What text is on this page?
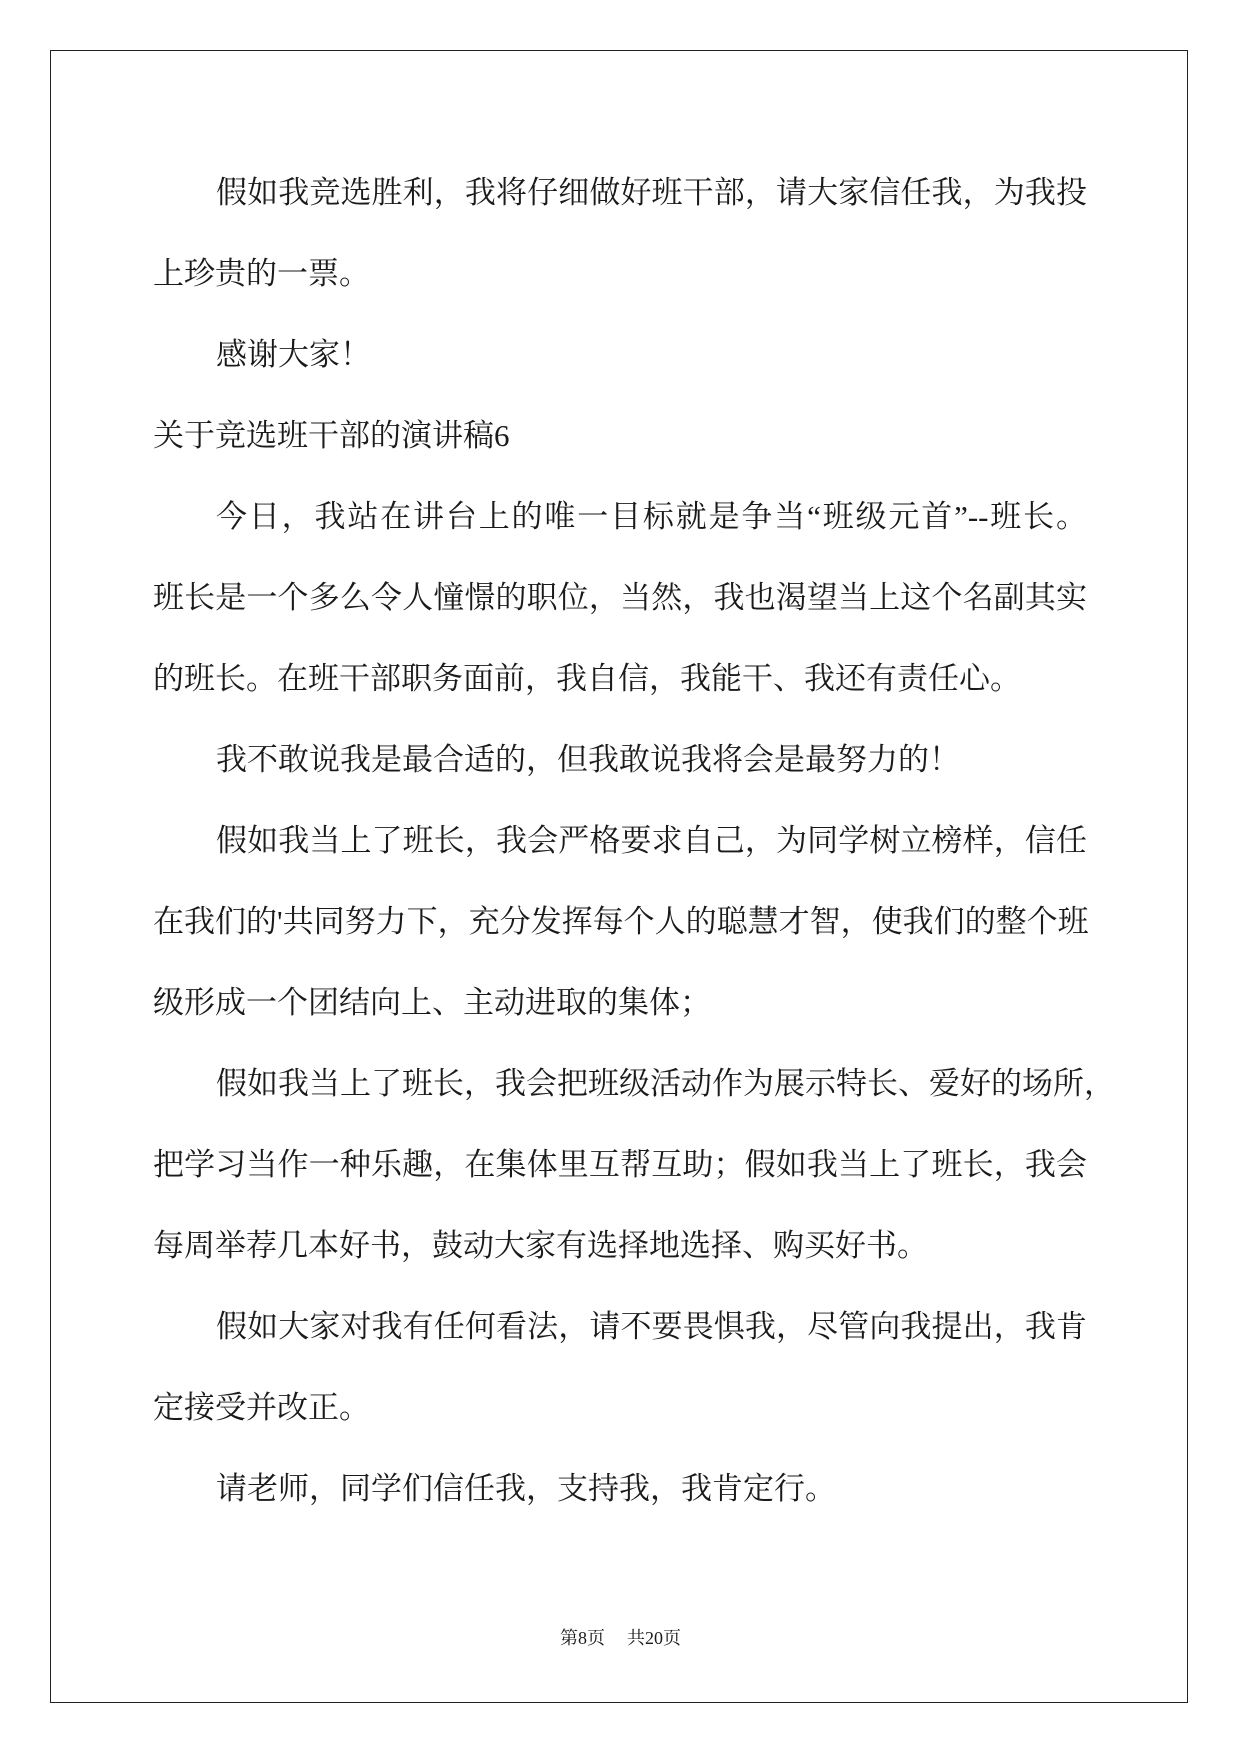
假如我竞选胜利，我将仔细做好班干部，请大家信任我，为我投
上珍贵的一票。
感谢大家！
关于竞选班干部的演讲稿6
今日，我站在讲台上的唯一目标就是争当“班级元首”--班长。
班长是一个多么令人憧憬的职位，当然，我也渴望当上这个名副其实
的班长。在班干部职务面前，我自信，我能干、我还有责任心。
我不敢说我是最合适的，但我敢说我将会是最努力的！
假如我当上了班长，我会严格要求自己，为同学树立榜样，信任
在我们的'共同努力下，充分发挥每个人的聪慧才智，使我们的整个班
级形成一个团结向上、主动进取的集体；
假如我当上了班长，我会把班级活动作为展示特长、爱好的场所，
把学习当作一种乐趣，在集体里互帮互助；假如我当上了班长，我会
每周举荐几本好书，鼓动大家有选择地选择、购买好书。
假如大家对我有任何看法，请不要畏惧我，尽管向我提出，我肯
定接受并改正。
请老师，同学们信任我，支持我，我肯定行。
第8页 共20页
